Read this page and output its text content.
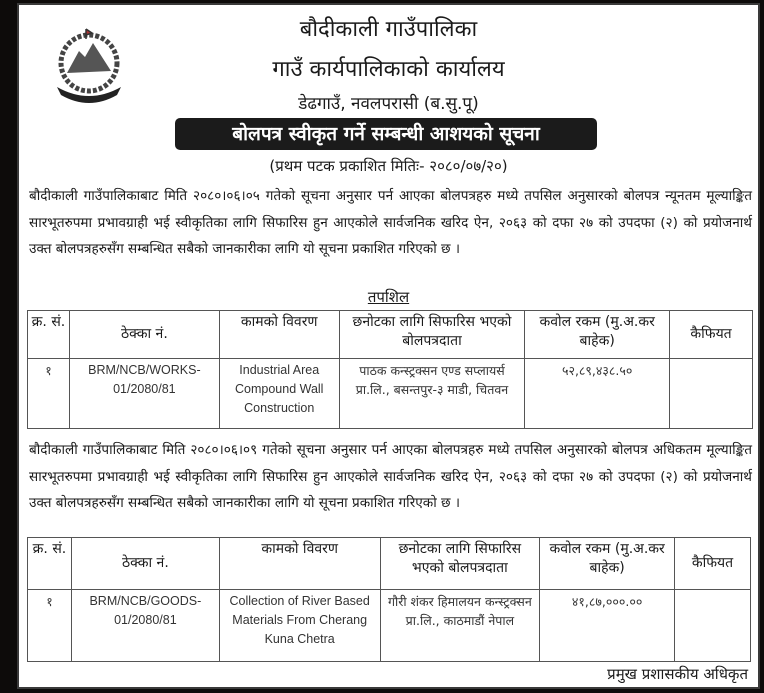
बौदीकाली गाउँपालिका
गाउँ कार्यपालिकाको कार्यालय
डेढगाउँ, नवलपरासी (ब.सु.पू)
बोलपत्र स्वीकृत गर्ने सम्बन्धी आशयको सूचना
(प्रथम पटक प्रकाशित मितिः- २०८०/०७/२०)
बौदीकाली गाउँपालिकाबाट मिति २०८०।०६।०५ गतेको सूचना अनुसार पर्न आएका बोलपत्रहरु मध्ये तपसिल अनुसारको बोलपत्र न्यूनतम मूल्याङ्कित सारभूतरुपमा प्रभावग्राही भई स्वीकृतिका लागि सिफारिस हुन आएकोले सार्वजनिक खरिद ऐन, २०६३ को दफा २७ को उपदफा (२) को प्रयोजनार्थ उक्त बोलपत्रहरुसँग सम्बन्धित सबैको जानकारीका लागि यो सूचना प्रकाशित गरिएको छ ।
तपशिल
क्र. सं.	ठेक्का नं.	कामको विवरण	छनोटका लागि सिफारिस भएको बोलपत्रदाता	कवोल रकम (मु.अ.कर बाहेक)	कैफियत
१	BRM/NCB/WORKS-01/2080/81	Industrial Area Compound Wall Construction	पाठक कन्स्ट्रक्सन एण्ड सप्लायर्स प्रा.लि., बसन्तपुर-३ माडी, चितवन	५२,८९,४३८.५०	
बौदीकाली गाउँपालिकाबाट मिति २०८०।०६।०९ गतेको सूचना अनुसार पर्न आएका बोलपत्रहरु मध्ये तपसिल अनुसारको बोलपत्र अधिकतम मूल्याङ्कित सारभूतरुपमा प्रभावग्राही भई स्वीकृतिका लागि सिफारिस हुन आएकोले सार्वजनिक खरिद ऐन, २०६३ को दफा २७ को उपदफा (२) को प्रयोजनार्थ उक्त बोलपत्रहरुसँग सम्बन्धित सबैको जानकारीका लागि यो सूचना प्रकाशित गरिएको छ ।
क्र. सं.	ठेक्का नं.	कामको विवरण	छनोटका लागि सिफारिस भएको बोलपत्रदाता	कवोल रकम (मु.अ.कर बाहेक)	कैफियत
१	BRM/NCB/GOODS-01/2080/81	Collection of River Based Materials From Cherang Kuna Chetra	गौरी शंकर हिमालयन कन्स्ट्रक्सन प्रा.लि., काठमाडौं नेपाल	४१,८७,०००.००	
प्रमुख प्रशासकीय अधिकृत
